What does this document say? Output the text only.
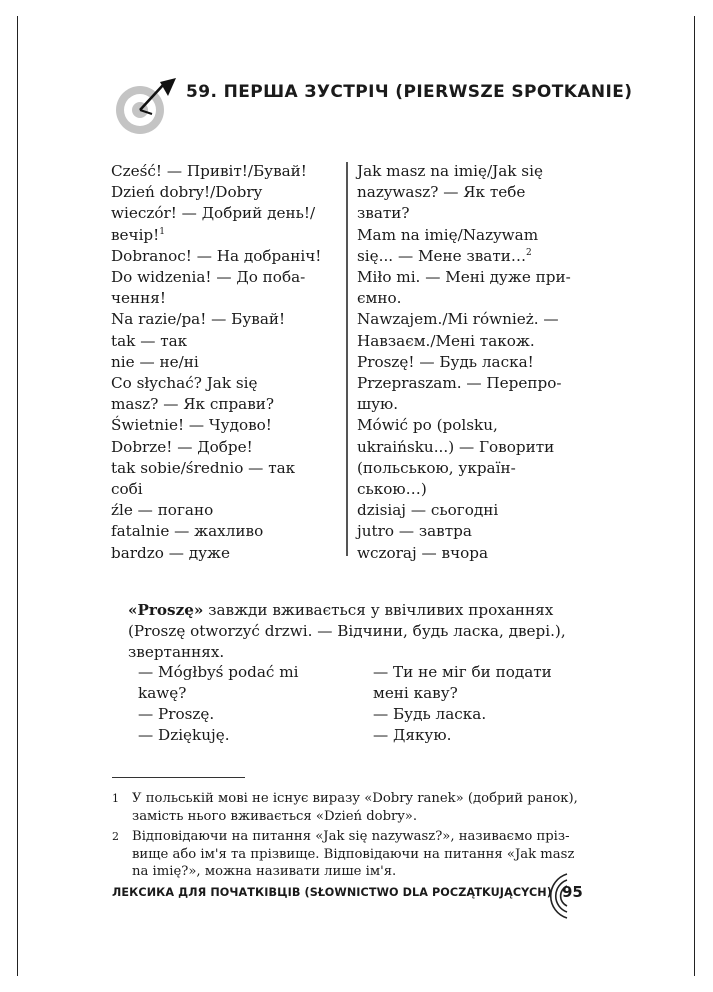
59. ПЕРША ЗУСТРІЧ (PIERWSZE SPOTKANIE)
Cześć! — Привіт!/Бувай!
Dzień dobry!/Dobry
wieczór! — Добрий день!/
вечір!$^1$
Dobranoc! — На добраніч!
Do widzenia! — До поба-
чення!
Na razie/pa! — Бувай!
tak — так
nie — не/ні
Co słychać? Jak się
masz? — Як справи?
Świetnie! — Чудово!
Dobrze! — Добре!
tak sobie/średnio — так
собі
źle — погано
fatalnie — жахливо
bardzo — дуже
Jak masz na imię/Jak się
nazywasz? — Як тебе
звати?
Mam na imię/Nazywam
się... — Мене звати…$^2$
Miło mi. — Мені дуже при-
ємно.
Nawzajem./Mi również. —
Навзаєм./Мені також.
Proszę! — Будь ласка!
Przepraszam. — Перепро-
шую.
Mówić po (polsku,
ukraińsku...) — Говорити
(польською, україн-
ською…)
dzisiaj — сьогодні
jutro — завтра
wczoraj — вчора
«Proszę» завжди вживається у ввічливих проханнях
(Proszę otworzyć drzwi. — Відчини, будь ласка, двері.),
звертаннях.
— Mógłbyś podać mi
kawę?
— Proszę.
— Dziękuję.
— Ти не міг би подати
мені каву?
— Будь ласка.
— Дякую.
1 У польській мові не існує виразу «Dobry ranek» (добрий ранок),
замість нього вживається «Dzień dobry».
2 Відповідаючи на питання «Jak się nazywasz?», називаємо пріз-
вище або ім'я та прізвище. Відповідаючи на питання «Jak masz
na imię?», можна називати лише ім'я.
ЛЕКСИКА ДЛЯ ПОЧАТКІВЦІВ (SŁOWNICTWO DLA POCZĄTKUJĄCYCH) 95
